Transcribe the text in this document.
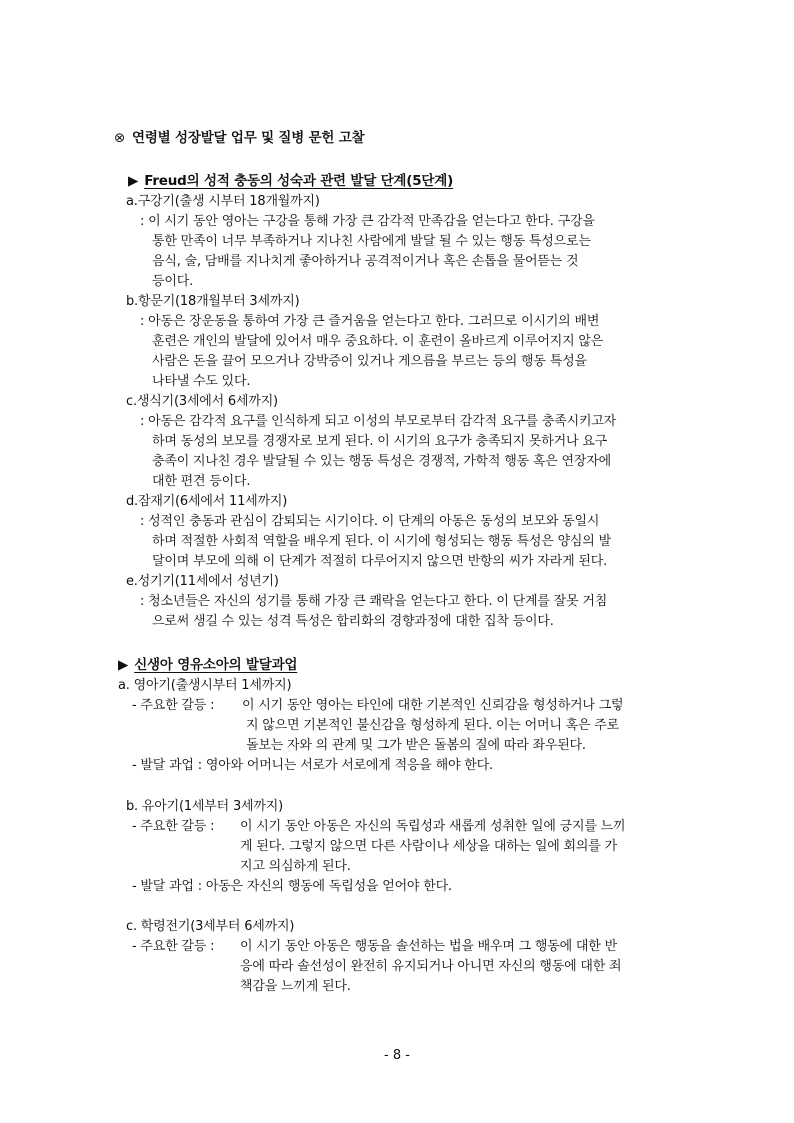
⊗ 연령별 성장발달 업무 및 질병 문헌 고찰
▶ Freud의 성적 충동의 성숙과 관련 발달 단계(5단계)
a.구강기(출생 시부터 18개월까지)
: 이 시기 동안 영아는 구강을 통해 가장 큰 감각적 만족감을 얻는다고 한다. 구강을
통한 만족이 너무 부족하거나 지나친 사람에게 발달 될 수 있는 행동 특성으로는
음식, 술, 담배를 지나치게 좋아하거나 공격적이거나 혹은 손톱을 물어뜯는 것
등이다.
b.항문기(18개월부터 3세까지)
: 아동은 장운동을 통하여 가장 큰 즐거움을 얻는다고 한다. 그러므로 이시기의 배변
훈련은 개인의 발달에 있어서 매우 중요하다. 이 훈련이 올바르게 이루어지지 않은
사람은 돈을 끌어 모으거나 강박증이 있거나 게으름을 부르는 등의 행동 특성을
나타낼 수도 있다.
c.생식기(3세에서 6세까지)
: 아동은 감각적 요구를 인식하게 되고 이성의 부모로부터 감각적 요구를 충족시키고자
하며 동성의 보모를 경쟁자로 보게 된다. 이 시기의 요구가 충족되지 못하거나 요구
충족이 지나친 경우 발달될 수 있는 행동 특성은 경쟁적, 가학적 행동 혹은 연장자에
대한 편견 등이다.
d.잠재기(6세에서 11세까지)
: 성적인 충동과 관심이 감퇴되는 시기이다. 이 단계의 아동은 동성의 보모와 동일시
하며 적절한 사회적 역할을 배우게 된다. 이 시기에 형성되는 행동 특성은 양심의 발
달이며 부모에 의해 이 단계가 적절히 다루어지지 않으면 반항의 씨가 자라게 된다.
e.성기기(11세에서 성년기)
: 청소년들은 자신의 성기를 통해 가장 큰 쾌락을 얻는다고 한다. 이 단계를 잘못 거침
으로써 생길 수 있는 성격 특성은 합리화의 경향과정에 대한 집착 등이다.
▶ 신생아 영유소아의 발달과업
a. 영아기(출생시부터 1세까지)
- 주요한 갈등 : 이 시기 동안 영아는 타인에 대한 기본적인 신뢰감을 형성하거나 그렇
지 않으면 기본적인 불신감을 형성하게 된다. 이는 어머니 혹은 주로
돌보는 자와 의 관계 및 그가 받은 돌봄의 질에 따라 좌우된다.
- 발달 과업 : 영아와 어머니는 서로가 서로에게 적응을 해야 한다.
b. 유아기(1세부터 3세까지)
- 주요한 갈등 : 이 시기 동안 아동은 자신의 독립성과 새롭게 성취한 일에 긍지를 느끼
게 된다. 그렇지 않으면 다른 사람이나 세상을 대하는 일에 회의를 가
지고 의심하게 된다.
- 발달 과업 : 아동은 자신의 행동에 독립성을 얻어야 한다.
c. 학령전기(3세부터 6세까지)
- 주요한 갈등 : 이 시기 동안 아동은 행동을 솔선하는 법을 배우며 그 행동에 대한 반
응에 따라 솔선성이 완전히 유지되거나 아니면 자신의 행동에 대한 죄
책감을 느끼게 된다.
- 8 -
